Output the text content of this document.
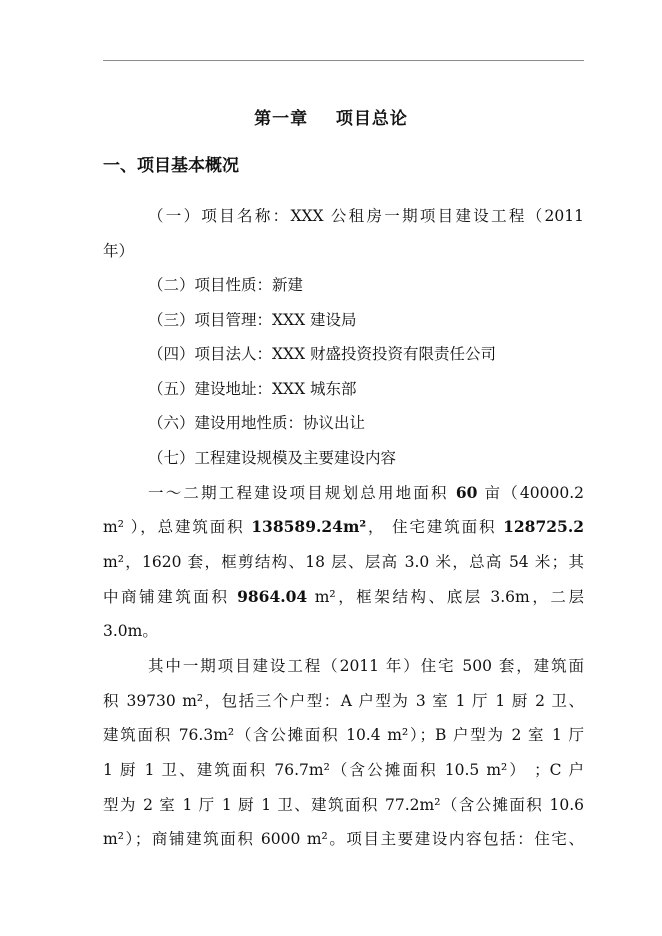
第一章    项目总论
一、项目基本概况
（一）项目名称：XXX 公租房一期项目建设工程（2011
年）
（二）项目性质：新建
（三）项目管理：XXX 建设局
（四）项目法人：XXX 财盛投资投资有限责任公司
（五）建设地址：XXX 城东部
（六）建设用地性质：协议出让
（七）工程建设规模及主要建设内容
一～二期工程建设项目规划总用地面积 60 亩（40000.2
m² ），总建筑面积 138589.24m²， 住宅建筑面积 128725.2
m²，1620 套，框剪结构、18 层、层高 3.0 米，总高 54 米；其
中商铺建筑面积 9864.04 m²，框架结构、底层 3.6m，二层
3.0m。
其中一期项目建设工程（2011 年）住宅 500 套，建筑面
积 39730 m²，包括三个户型：A 户型为 3 室 1 厅 1 厨 2 卫、
建筑面积 76.3m²（含公摊面积 10.4 m²）；B 户型为 2 室 1 厅
1 厨 1 卫、建筑面积 76.7m²（含公摊面积 10.5 m²） ；C 户
型为 2 室 1 厅 1 厨 1 卫、建筑面积 77.2m²（含公摊面积 10.6
m²）；商铺建筑面积 6000 m²。项目主要建设内容包括：住宅、
